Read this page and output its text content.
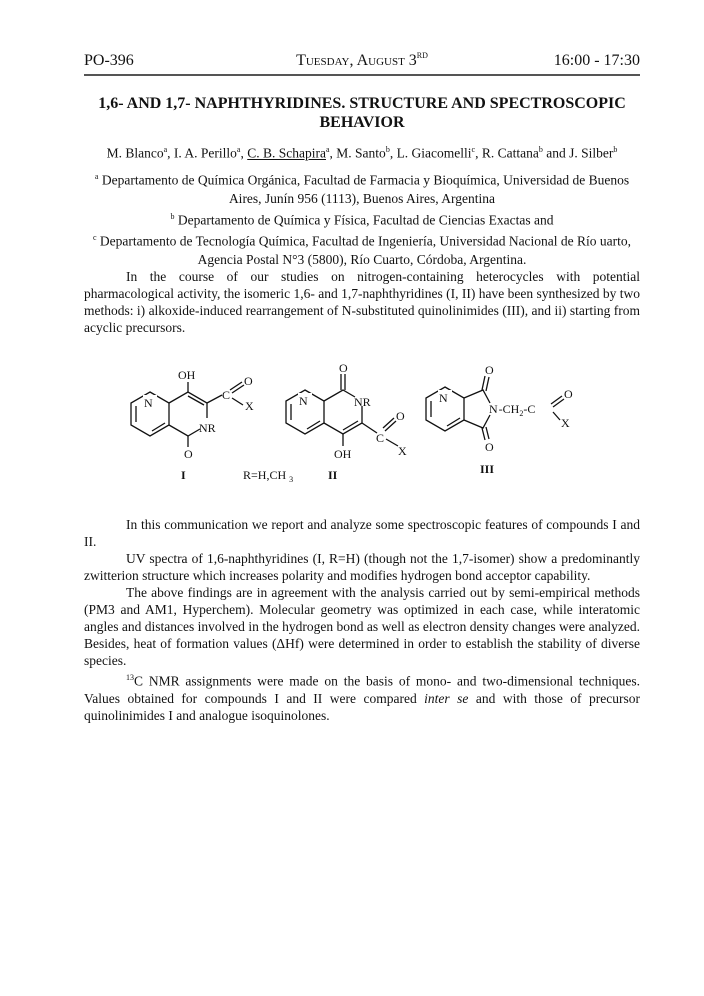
PO-396	Tuesday, August 3RD	16:00 - 17:30
1,6- AND 1,7- NAPHTHYRIDINES. STRUCTURE AND SPECTROSCOPIC BEHAVIOR
M. Blanco$^a$, I. A. Perillo$^a$, C. B. Schapira$^a$, M. Santo$^b$, L. Giacomelli$^c$, R. Cattana$^b$ and J. Silber$^b$
$^a$ Departamento de Química Orgánica, Facultad de Farmacia y Bioquímica, Universidad de Buenos Aires, Junín 956 (1113), Buenos Aires, Argentina
$^b$ Departamento de Química y Física, Facultad de Ciencias Exactas and
$^c$ Departamento de Tecnología Química, Facultad de Ingeniería, Universidad Nacional de Río uarto, Agencia Postal N°3 (5800), Río Cuarto, Córdoba, Argentina.

In the course of our studies on nitrogen-containing heterocycles with potential pharmacological activity, the isomeric 1,6- and 1,7-naphthyridines (I, II) have been synthesized by two methods: i) alkoxide-induced rearrangement of N-substituted quinolinimides (III), and ii) starting from acyclic precursors.

N
OH
C
O
X
NR
O
N
O
NR
C
O
X
OH
N
O
O
$N-CH_2-C$
O
X
I	R=H,CH $_3$	II	III

In this communication we report and analyze some spectroscopic features of compounds I and II.

UV spectra of 1,6-naphthyridines (I, R=H) (though not the 1,7-isomer) show a predominantly zwitterion structure which increases polarity and modifies hydrogen bond acceptor capability.

The above findings are in agreement with the analysis carried out by semi-empirical methods (PM3 and AM1, Hyperchem). Molecular geometry was optimized in each case, while interatomic angles and distances involved in the hydrogen bond as well as electron density changes were analyzed. Besides, heat of formation values (ΔHf) were determined in order to establish the stability of diverse species.

$^{13}$C NMR assignments were made on the basis of mono- and two-dimensional techniques. Values obtained for compounds I and II were compared inter se and with those of precursor quinolinimides I and analogue isoquinolones.
